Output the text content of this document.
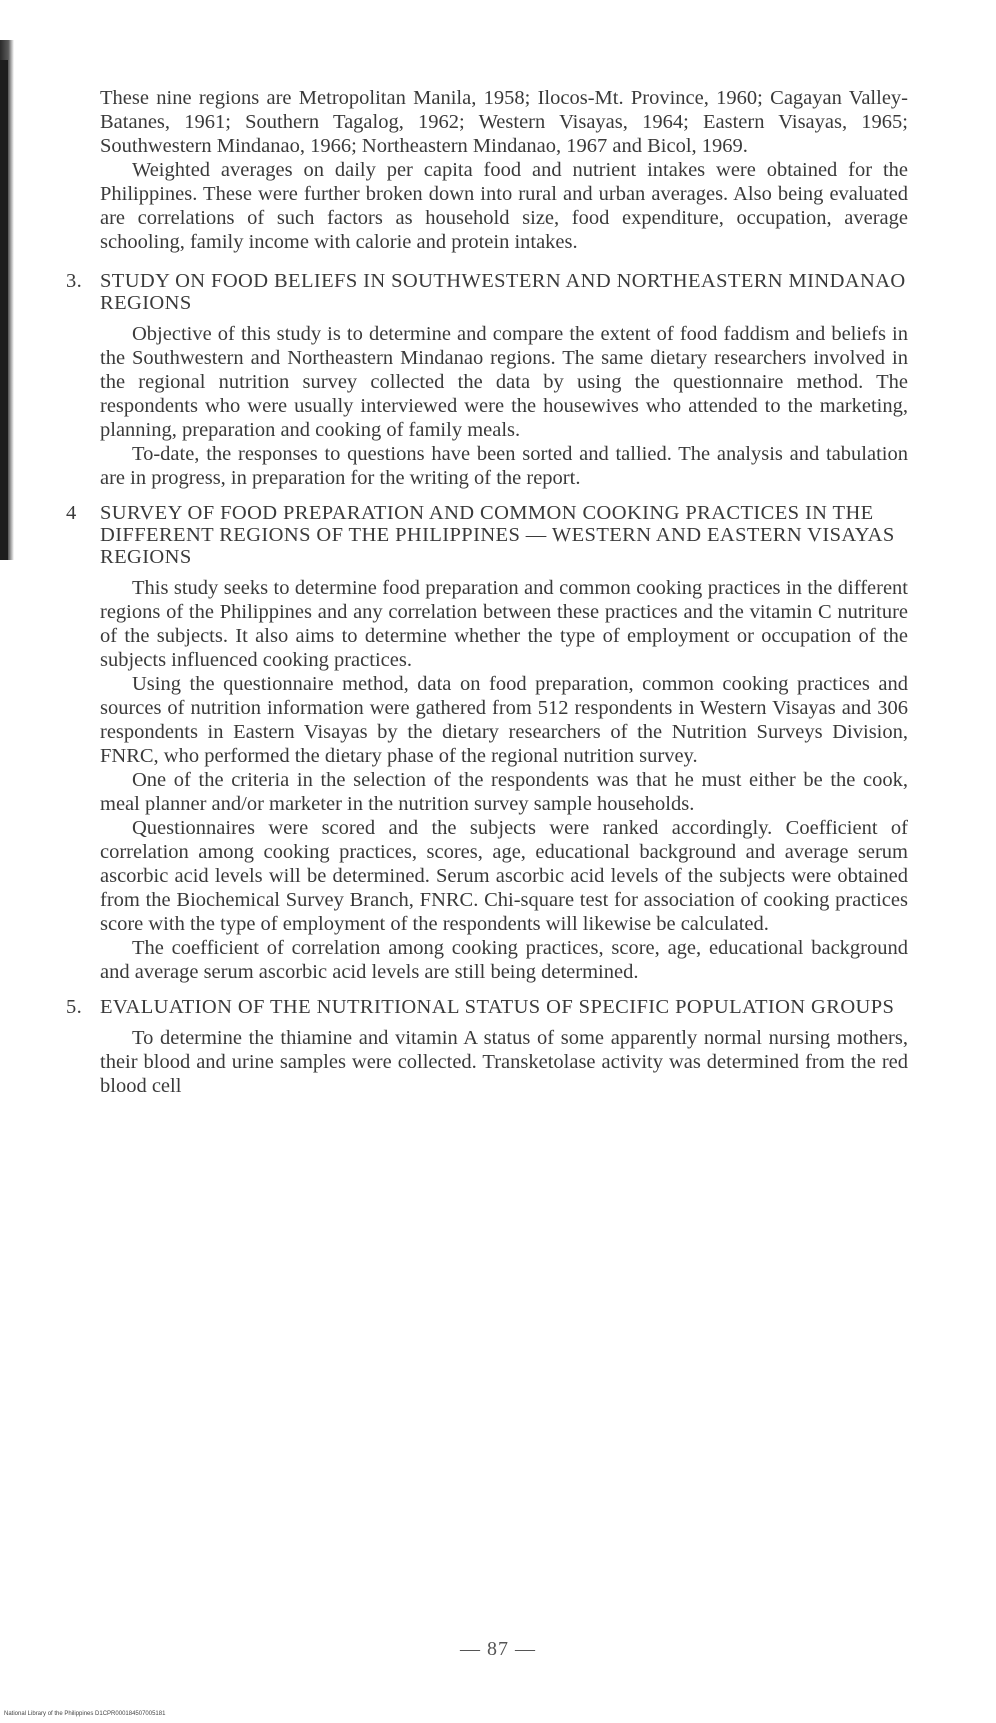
These nine regions are Metropolitan Manila, 1958; Ilocos-Mt. Province, 1960; Cagayan Valley-Batanes, 1961; Southern Tagalog, 1962; Western Visayas, 1964; Eastern Visayas, 1965; Southwestern Mindanao, 1966; Northeastern Mindanao, 1967 and Bicol, 1969.

Weighted averages on daily per capita food and nutrient intakes were obtained for the Philippines. These were further broken down into rural and urban averages. Also being evaluated are correlations of such factors as household size, food expenditure, occupation, average schooling, family income with calorie and protein intakes.

3. STUDY ON FOOD BELIEFS IN SOUTHWESTERN AND NORTHEASTERN MINDANAO REGIONS

Objective of this study is to determine and compare the extent of food faddism and beliefs in the Southwestern and Northeastern Mindanao regions. The same dietary researchers involved in the regional nutrition survey collected the data by using the questionnaire method. The respondents who were usually interviewed were the housewives who attended to the marketing, planning, preparation and cooking of family meals.

To-date, the responses to questions have been sorted and tallied. The analysis and tabulation are in progress, in preparation for the writing of the report.

4	SURVEY OF FOOD PREPARATION AND COMMON COOKING PRACTICES IN THE DIFFERENT REGIONS OF THE PHILIPPINES — WESTERN AND EASTERN VISAYAS REGIONS

This study seeks to determine food preparation and common cooking practices in the different regions of the Philippines and any correlation between these practices and the vitamin C nutriture of the subjects. It also aims to determine whether the type of employment or occupation of the subjects influenced cooking practices.

Using the questionnaire method, data on food preparation, common cooking practices and sources of nutrition information were gathered from 512 respondents in Western Visayas and 306 respondents in Eastern Visayas by the dietary researchers of the Nutrition Surveys Division, FNRC, who performed the dietary phase of the regional nutrition survey.

One of the criteria in the selection of the respondents was that he must either be the cook, meal planner and/or marketer in the nutrition survey sample households.

Questionnaires were scored and the subjects were ranked accordingly. Coefficient of correlation among cooking practices, scores, age, educational background and average serum ascorbic acid levels will be determined. Serum ascorbic acid levels of the subjects were obtained from the Biochemical Survey Branch, FNRC. Chi-square test for association of cooking practices score with the type of employment of the respondents will likewise be calculated.

The coefficient of correlation among cooking practices, score, age, educational background and average serum ascorbic acid levels are still being determined.

5. EVALUATION OF THE NUTRITIONAL STATUS OF SPECIFIC POPULATION GROUPS

To determine the thiamine and vitamin A status of some apparently normal nursing mothers, their blood and urine samples were collected. Transketolase activity was determined from the red blood cell

— 87 —
National Library of the Philippines D1CPR000184507005181
